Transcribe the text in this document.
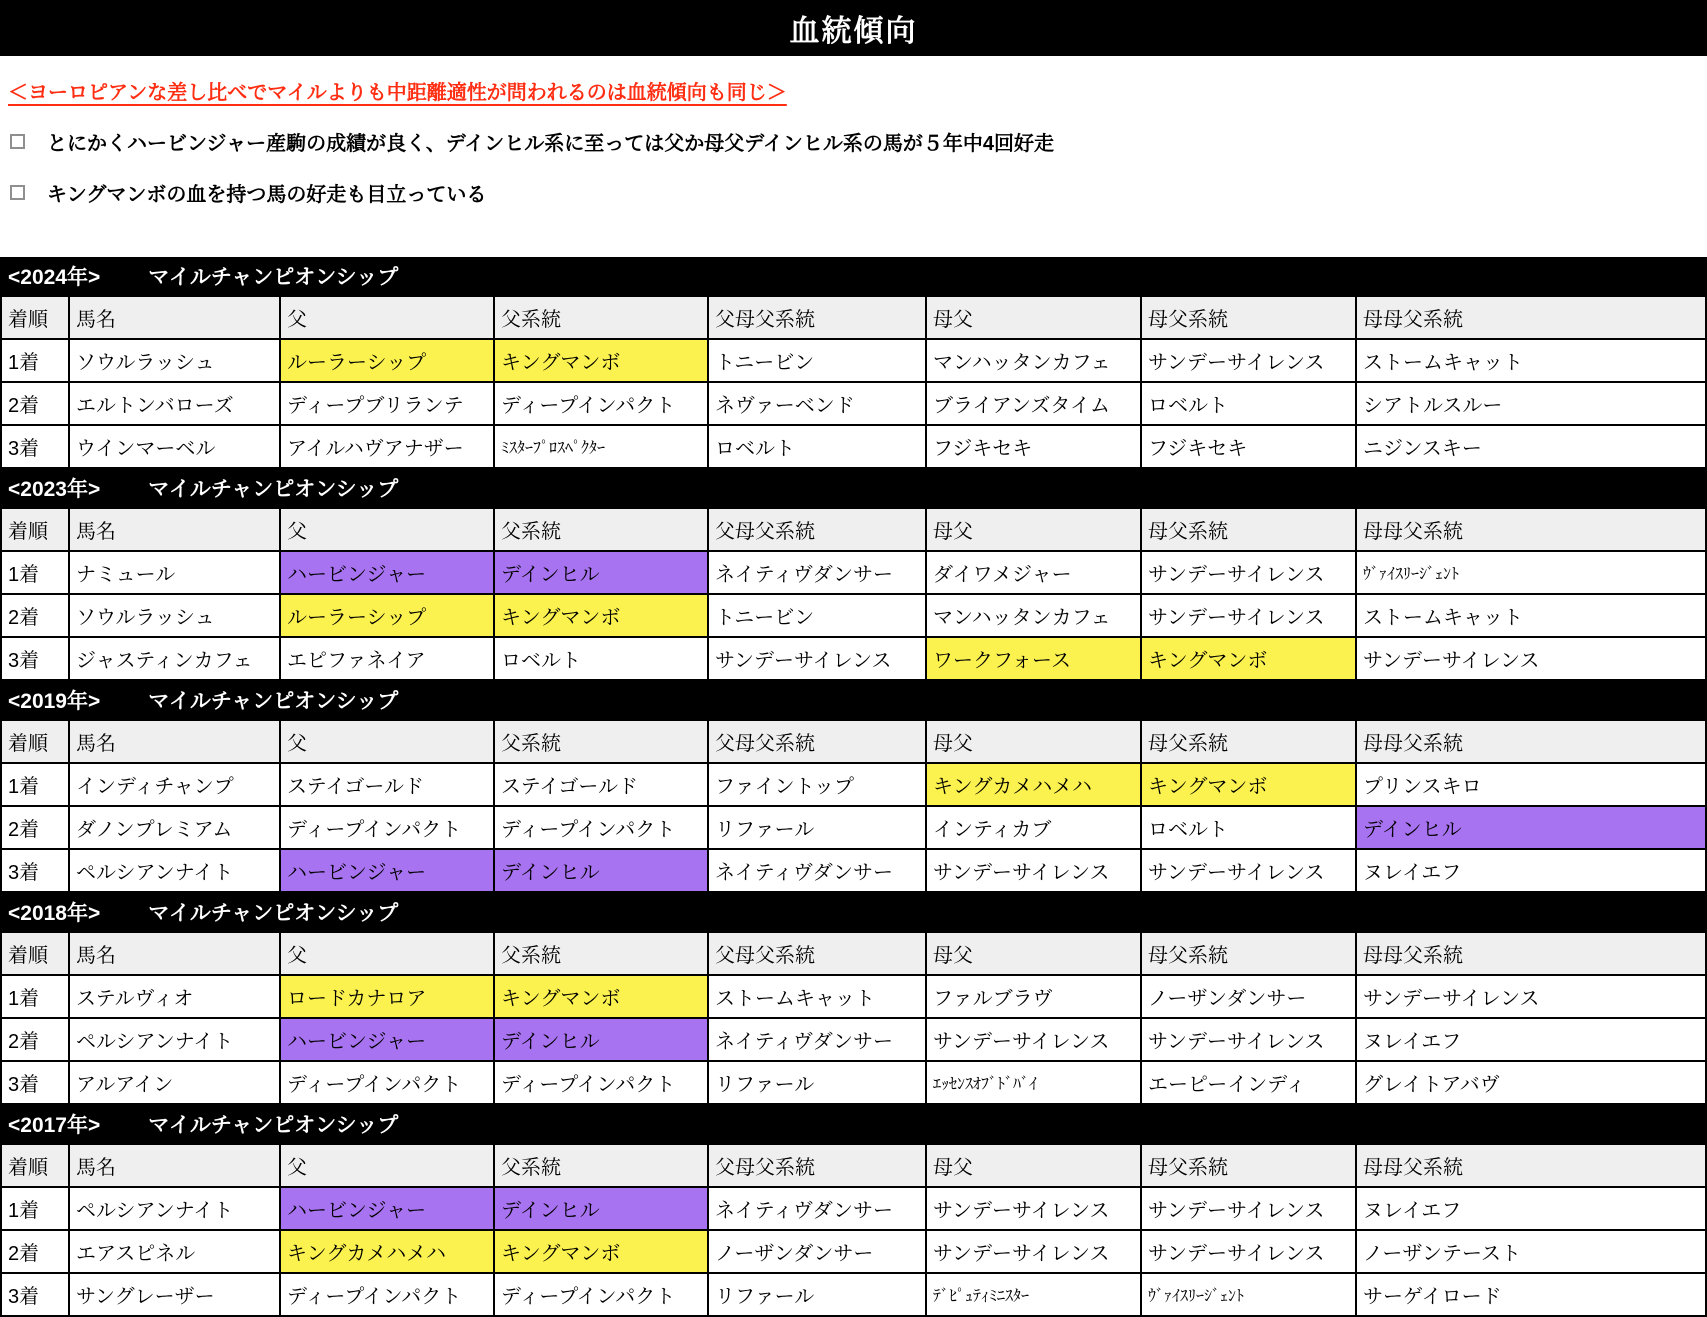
血統傾向

＜ヨーロピアンな差し比べでマイルよりも中距離適性が問われるのは血統傾向も同じ＞

とにかくハービンジャー産駒の成績が良く、デインヒル系に至っては父か母父デインヒル系の馬が５年中4回好走
キングマンボの血を持つ馬の好走も目立っている
<2024年> マイルチャンピオンシップ
着順	馬名	父	父系統	父母父系統	母父	母父系統	母母父系統
1着	ソウルラッシュ	ルーラーシップ	キングマンボ	トニービン	マンハッタンカフェ	サンデーサイレンス	ストームキャット
2着	エルトンバローズ	ディープブリランテ	ディープインパクト	ネヴァーベンド	ブライアンズタイム	ロベルト	シアトルスルー
3着	ウインマーベル	アイルハヴアナザー	ﾐｽﾀｰﾌﾟﾛｽﾍﾟｸﾀｰ	ロベルト	フジキセキ	フジキセキ	ニジンスキー
<2023年> マイルチャンピオンシップ
着順	馬名	父	父系統	父母父系統	母父	母父系統	母母父系統
1着	ナミュール	ハービンジャー	デインヒル	ネイティヴダンサー	ダイワメジャー	サンデーサイレンス	ｳﾞｧｲｽﾘｰｼﾞｪﾝﾄ
2着	ソウルラッシュ	ルーラーシップ	キングマンボ	トニービン	マンハッタンカフェ	サンデーサイレンス	ストームキャット
3着	ジャスティンカフェ	エピファネイア	ロベルト	サンデーサイレンス	ワークフォース	キングマンボ	サンデーサイレンス
<2019年> マイルチャンピオンシップ
着順	馬名	父	父系統	父母父系統	母父	母父系統	母母父系統
1着	インディチャンプ	ステイゴールド	ステイゴールド	ファイントップ	キングカメハメハ	キングマンボ	プリンスキロ
2着	ダノンプレミアム	ディープインパクト	ディープインパクト	リファール	インティカブ	ロベルト	デインヒル
3着	ペルシアンナイト	ハービンジャー	デインヒル	ネイティヴダンサー	サンデーサイレンス	サンデーサイレンス	ヌレイエフ
<2018年> マイルチャンピオンシップ
着順	馬名	父	父系統	父母父系統	母父	母父系統	母母父系統
1着	ステルヴィオ	ロードカナロア	キングマンボ	ストームキャット	ファルブラヴ	ノーザンダンサー	サンデーサイレンス
2着	ペルシアンナイト	ハービンジャー	デインヒル	ネイティヴダンサー	サンデーサイレンス	サンデーサイレンス	ヌレイエフ
3着	アルアイン	ディープインパクト	ディープインパクト	リファール	ｴｯｾﾝｽｵﾌﾞﾄﾞﾊﾞｲ	エーピーインディ	グレイトアバヴ
<2017年> マイルチャンピオンシップ
着順	馬名	父	父系統	父母父系統	母父	母父系統	母母父系統
1着	ペルシアンナイト	ハービンジャー	デインヒル	ネイティヴダンサー	サンデーサイレンス	サンデーサイレンス	ヌレイエフ
2着	エアスピネル	キングカメハメハ	キングマンボ	ノーザンダンサー	サンデーサイレンス	サンデーサイレンス	ノーザンテースト
3着	サングレーザー	ディープインパクト	ディープインパクト	リファール	ﾃﾞﾋﾟｭﾃｨﾐﾆｽﾀｰ	ｳﾞｧｲｽﾘｰｼﾞｪﾝﾄ	サーゲイロード
